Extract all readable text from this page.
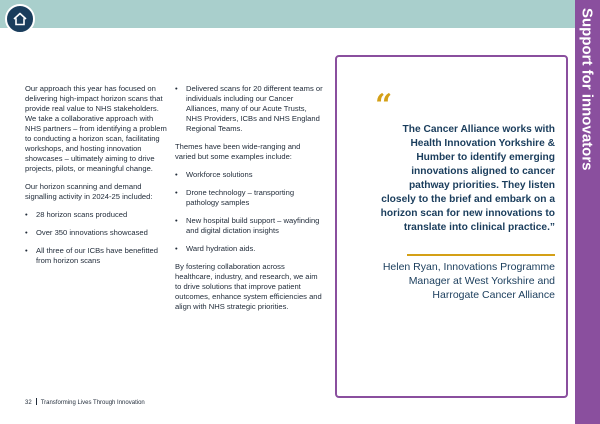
Support for innovators

Our approach this year has focused on delivering high-impact horizon scans that provide real value to NHS stakeholders. We take a collaborative approach with NHS partners – from identifying a problem to conducting a horizon scan, facilitating workshops, and hosting innovation showcases – ultimately aiming to drive projects, pilots, or meaningful change.

Our horizon scanning and demand signalling activity in 2024-25 included:

• 28 horizon scans produced
• Over 350 innovations showcased
• All three of our ICBs have benefitted from horizon scans
• Delivered scans for 20 different teams or individuals including our Cancer Alliances, many of our Acute Trusts, NHS Providers, ICBs and NHS England Regional Teams.

Themes have been wide-ranging and varied but some examples include:

• Workforce solutions
• Drone technology – transporting pathology samples
• New hospital build support – wayfinding and digital dictation insights
• Ward hydration aids.

By fostering collaboration across healthcare, industry, and research, we aim to drive solutions that improve patient outcomes, enhance system efficiencies and align with NHS strategic priorities.

“
The Cancer Alliance works with Health Innovation Yorkshire & Humber to identify emerging innovations aligned to cancer pathway priorities. They listen closely to the brief and embark on a horizon scan for new innovations to translate into clinical practice.”
Helen Ryan, Innovations Programme Manager at West Yorkshire and Harrogate Cancer Alliance
32 Transforming Lives Through Innovation
